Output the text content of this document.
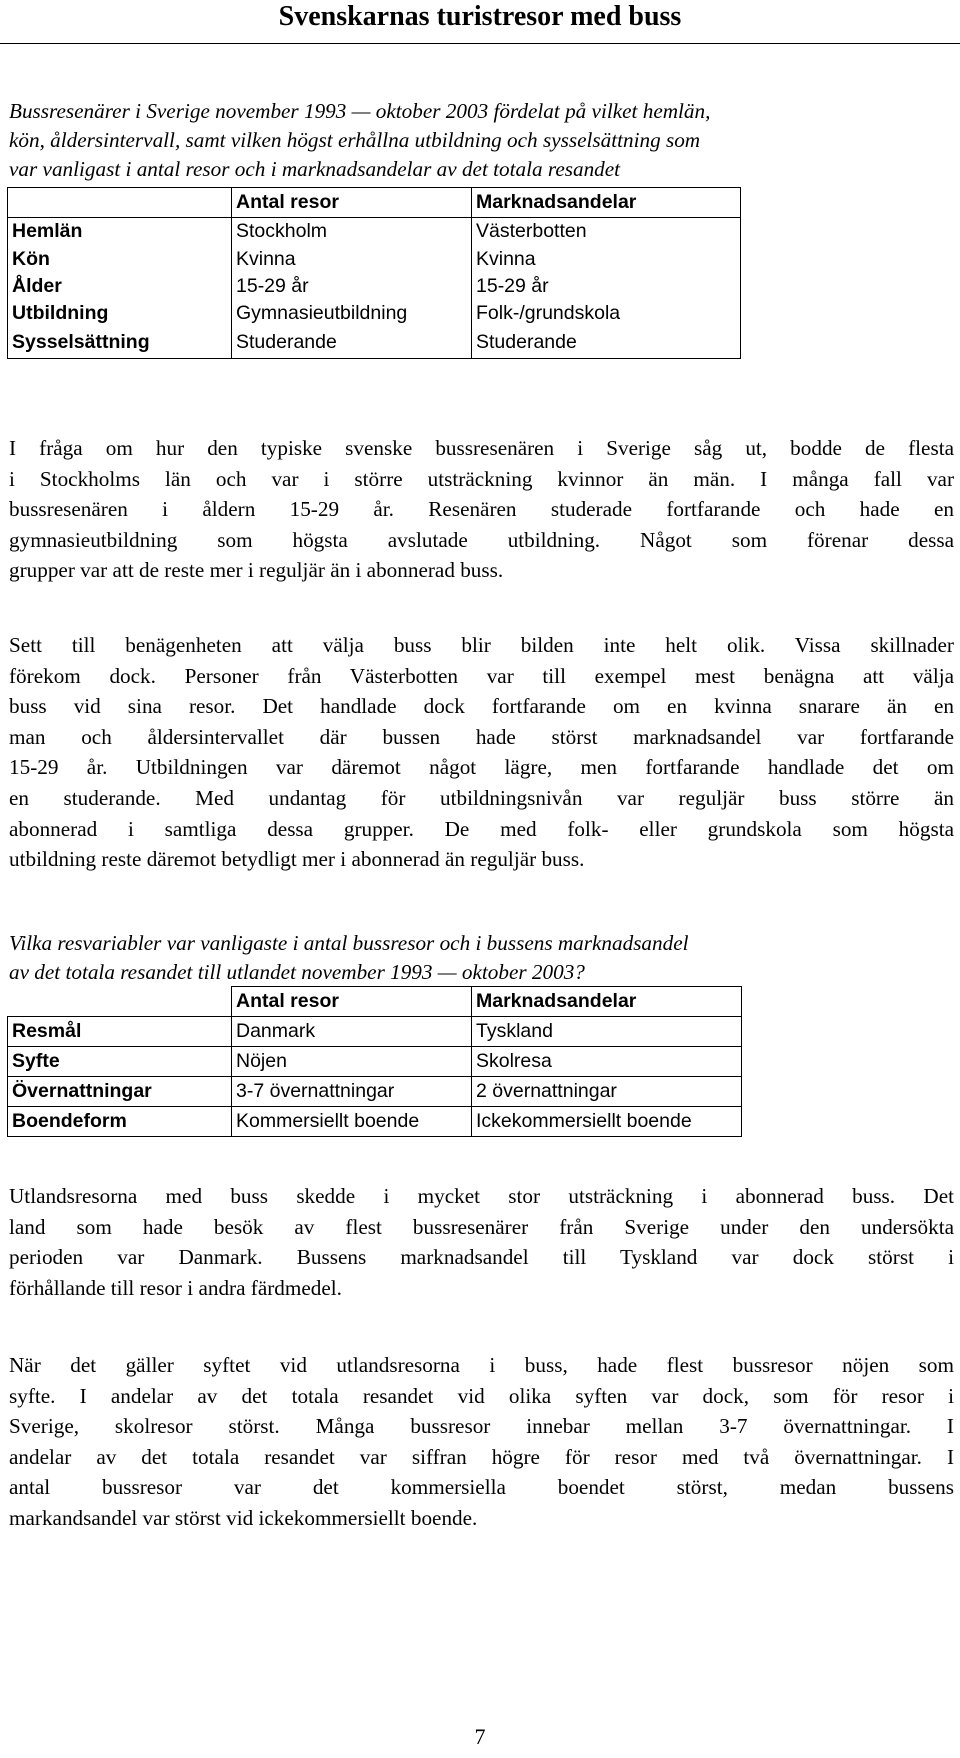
Svenskarnas turistresor med buss
Bussresenärer i Sverige november 1993 — oktober 2003 fördelat på vilket hemlän,
kön, åldersintervall, samt vilken högst erhållna utbildning och sysselsättning som
var vanligast i antal resor och i marknadsandelar av det totala resandet
	Antal resor	Marknadsandelar
Hemlän	Stockholm	Västerbotten
Kön	Kvinna	Kvinna
Ålder	15-29 år	15-29 år
Utbildning	Gymnasieutbildning	Folk-/grundskola
Sysselsättning	Studerande	Studerande
I fråga om hur den typiske svenske bussresenären i Sverige såg ut, bodde de flesta
i Stockholms län och var i större utsträckning kvinnor än män. I många fall var
bussresenären i åldern 15-29 år. Resenären studerade fortfarande och hade en
gymnasieutbildning som högsta avslutade utbildning. Något som förenar dessa
grupper var att de reste mer i reguljär än i abonnerad buss.
Sett till benägenheten att välja buss blir bilden inte helt olik. Vissa skillnader
förekom dock. Personer från Västerbotten var till exempel mest benägna att välja
buss vid sina resor. Det handlade dock fortfarande om en kvinna snarare än en
man och åldersintervallet där bussen hade störst marknadsandel var fortfarande
15-29 år. Utbildningen var däremot något lägre, men fortfarande handlade det om
en studerande. Med undantag för utbildningsnivån var reguljär buss större än
abonnerad i samtliga dessa grupper. De med folk- eller grundskola som högsta
utbildning reste däremot betydligt mer i abonnerad än reguljär buss.
Vilka resvariabler var vanligaste i antal bussresor och i bussens marknadsandel
av det totala resandet till utlandet november 1993 — oktober 2003?
	Antal resor	Marknadsandelar
Resmål	Danmark	Tyskland
Syfte	Nöjen	Skolresa
Övernattningar	3-7 övernattningar	2 övernattningar
Boendeform	Kommersiellt boende	Ickekommersiellt boende
Utlandsresorna med buss skedde i mycket stor utsträckning i abonnerad buss. Det
land som hade besök av flest bussresenärer från Sverige under den undersökta
perioden var Danmark. Bussens marknadsandel till Tyskland var dock störst i
förhållande till resor i andra färdmedel.
När det gäller syftet vid utlandsresorna i buss, hade flest bussresor nöjen som
syfte. I andelar av det totala resandet vid olika syften var dock, som för resor i
Sverige, skolresor störst. Många bussresor innebar mellan 3-7 övernattningar. I
andelar av det totala resandet var siffran högre för resor med två övernattningar. I
antal bussresor var det kommersiella boendet störst, medan bussens
markandsandel var störst vid ickekommersiellt boende.
7
